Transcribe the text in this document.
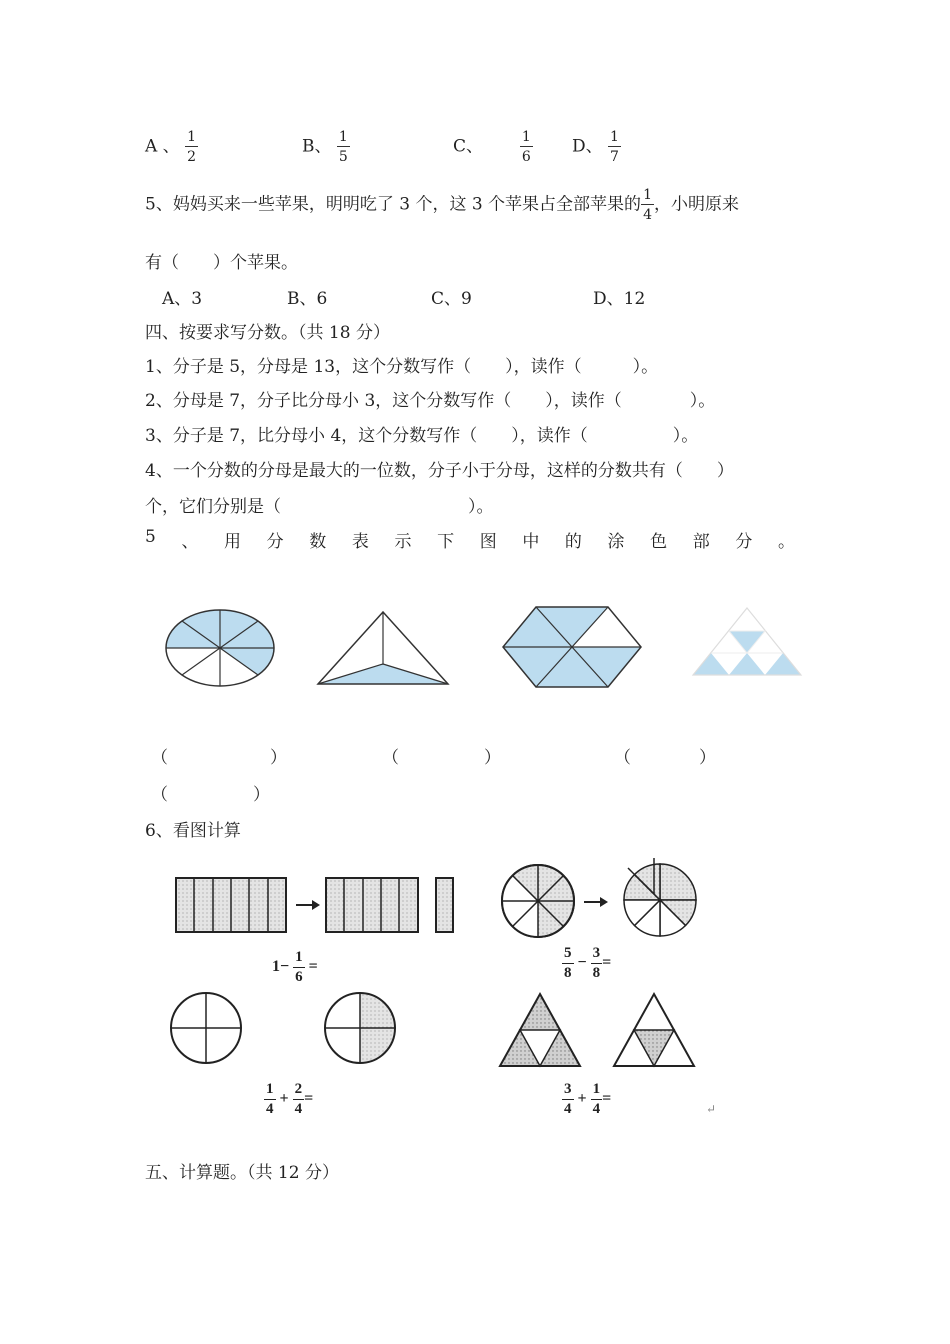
A 、 $\frac{1}{2}$	B、 $\frac{1}{5}$	C、	$\frac{1}{6}$ D、 $\frac{1}{7}$
5、妈妈买来一些苹果，明明吃了 3 个，这 3 个苹果占全部苹果的 $\frac{1}{4}$ ，小明原来
有（　　）个苹果。
A、3	B、6	C、9	D、12
四、按要求写分数。（共 18 分）
1、分子是 5，分母是 13，这个分数写作（　　），读作（　　　）。
2、分母是 7，分子比分母小 3，这个分数写作（　　），读作（　　　　）。
3、分子是 7，比分母小 4，这个分数写作（　　），读作（　　　　　）。
4、一个分数的分母是最大的一位数，分子小于分母，这样的分数共有（　　）
个，它们分别是（　　　　　　　　　　　）。
5 、 用 分 数 表 示 下 图 中 的 涂 色 部 分 。
（　　　　　　）	（　　　　　）	（　　　　）
（　　　　　）
6、看图计算
$1- \frac{1}{6}$ =	$\frac{5}{8} - \frac{3}{8}$ =
$\frac{1}{4} + \frac{2}{4}$ =	$\frac{3}{4} + \frac{1}{4}$ =
↵
五、计算题。（共 12 分）
